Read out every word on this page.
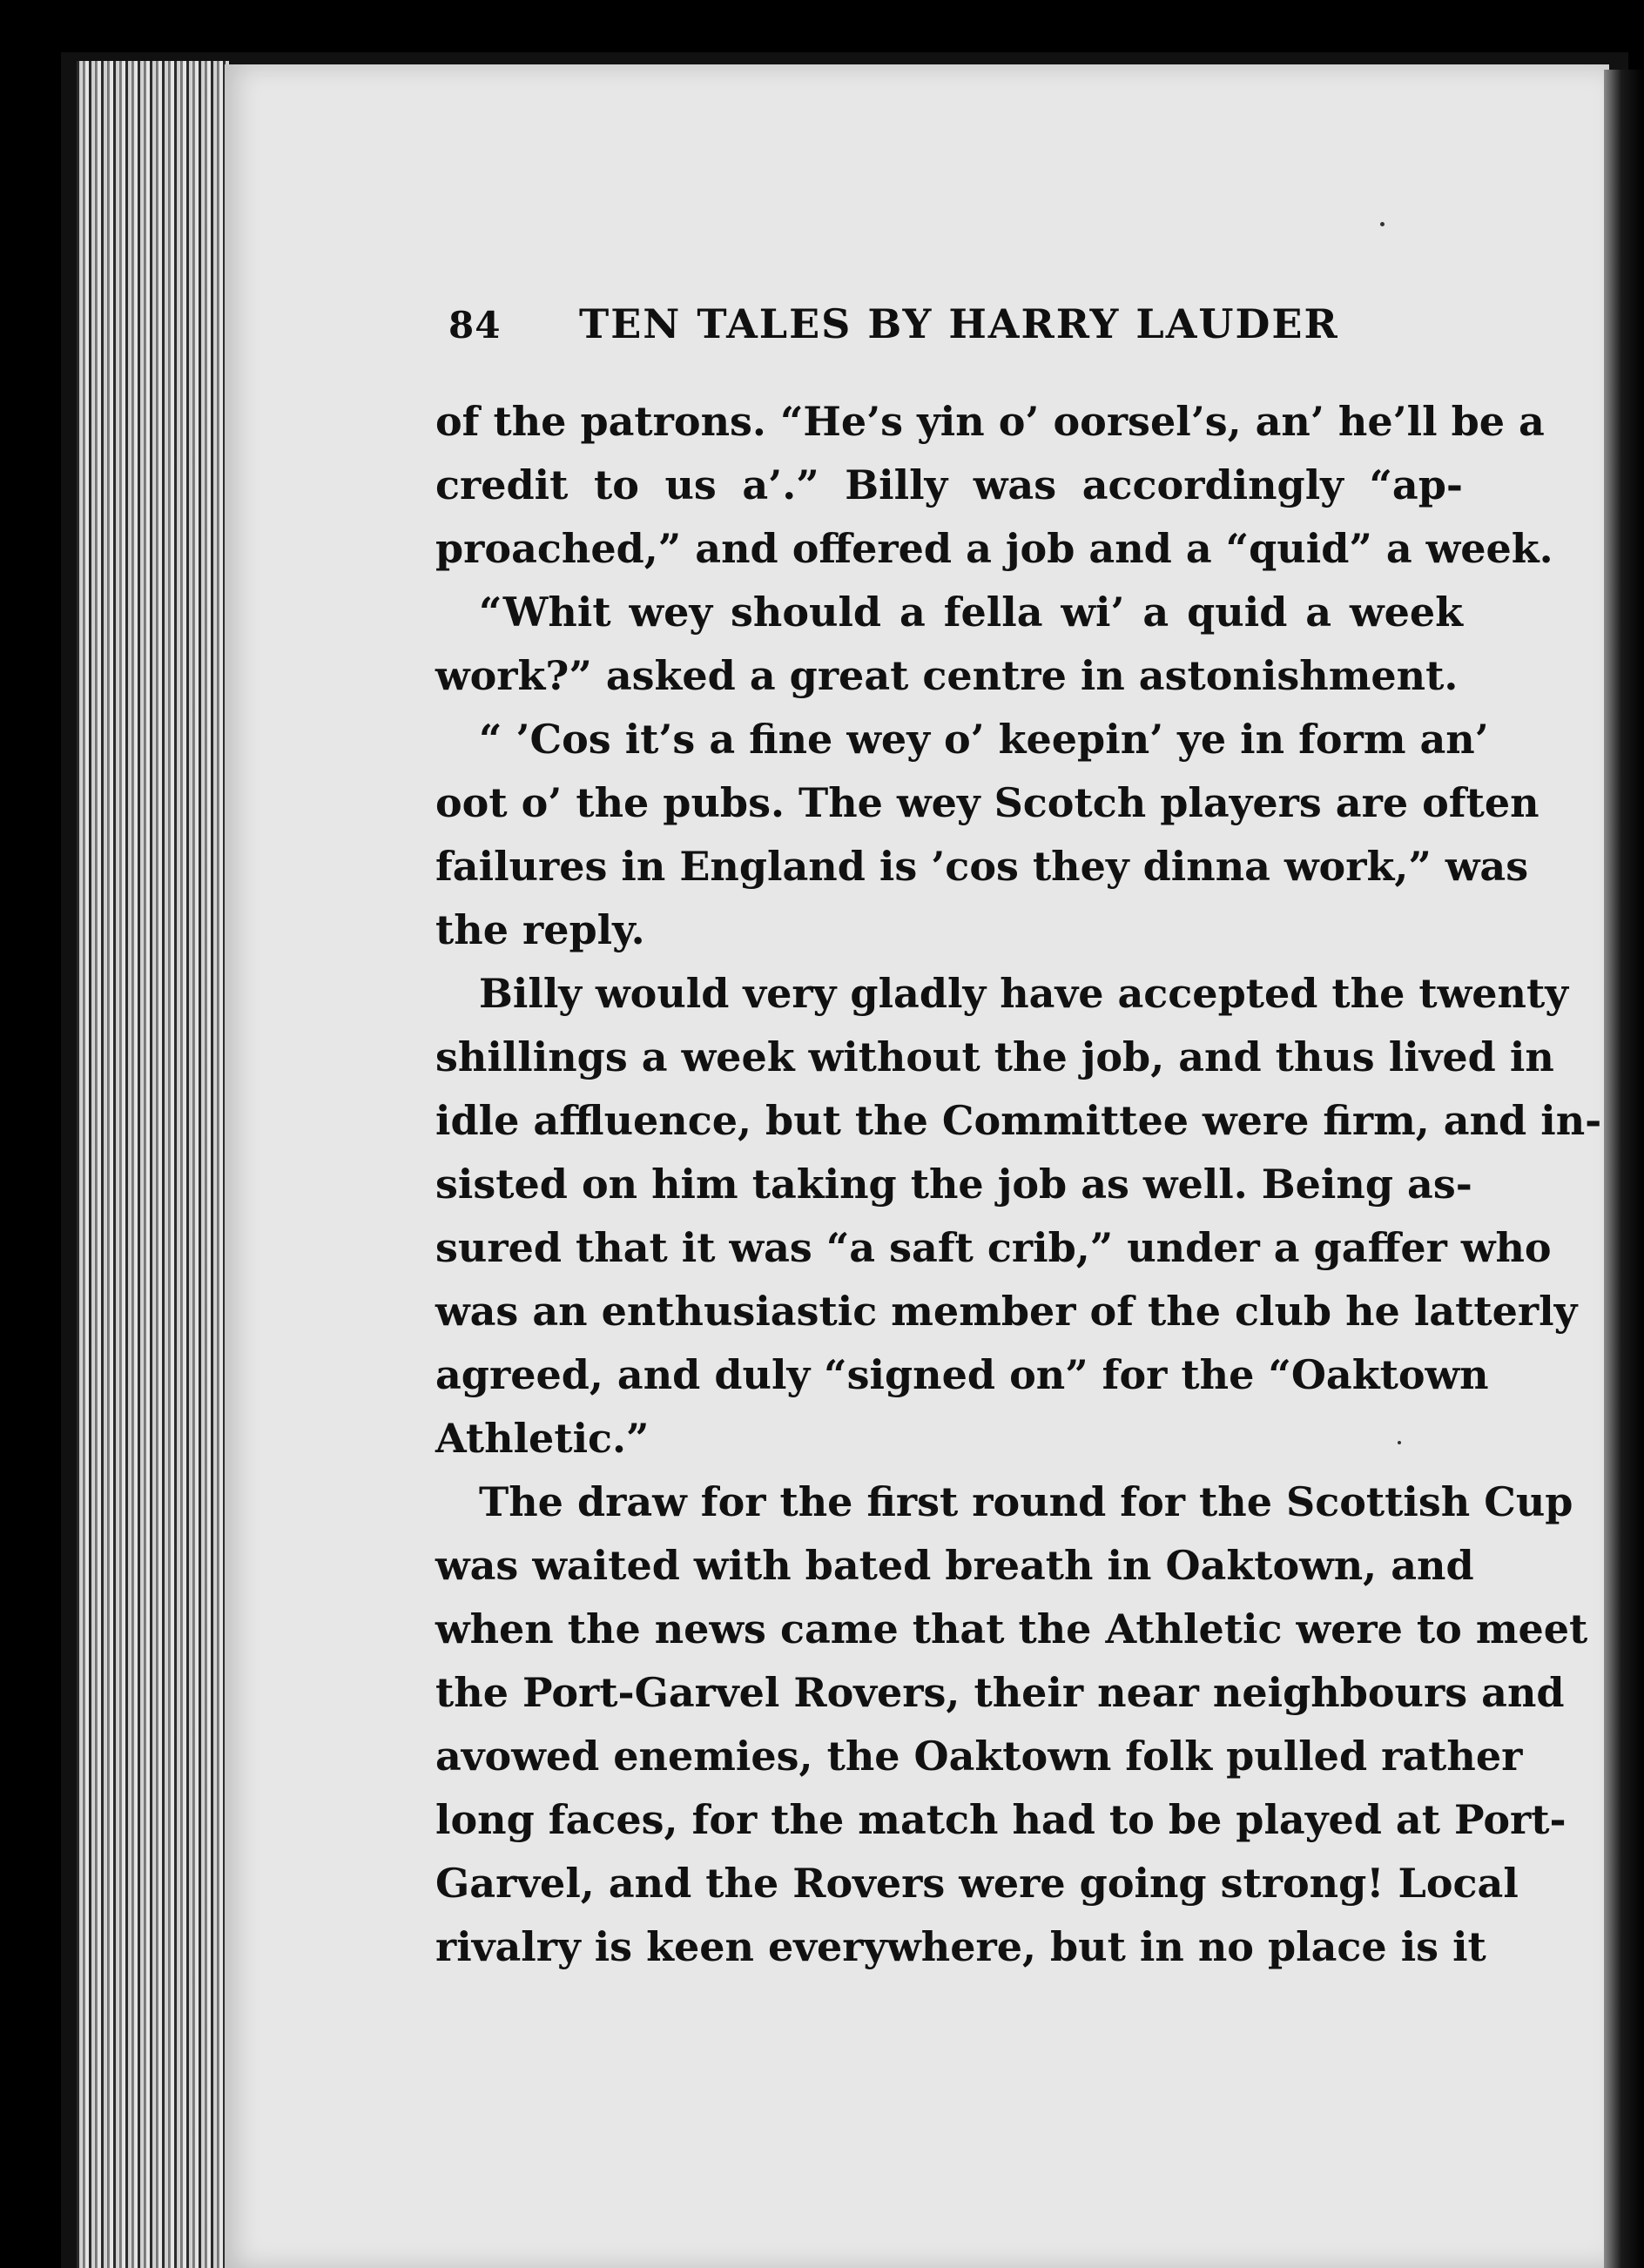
84 TEN TALES BY HARRY LAUDER
of the patrons. “He’s yin o’ oorsel’s, an’ he’ll be a
credit to us a’.” Billy was accordingly “ap-
proached,” and offered a job and a “quid” a week.
“Whit wey should a fella wi’ a quid a week
work?” asked a great centre in astonishment.
“ ’Cos it’s a fine wey o’ keepin’ ye in form an’
oot o’ the pubs. The wey Scotch players are often
failures in England is ’cos they dinna work,” was
the reply.
Billy would very gladly have accepted the twenty
shillings a week without the job, and thus lived in
idle affluence, but the Committee were firm, and in-
sisted on him taking the job as well. Being as-
sured that it was “a saft crib,” under a gaffer who
was an enthusiastic member of the club he latterly
agreed, and duly “signed on” for the “Oaktown
Athletic.”
The draw for the first round for the Scottish Cup
was waited with bated breath in Oaktown, and
when the news came that the Athletic were to meet
the Port-Garvel Rovers, their near neighbours and
avowed enemies, the Oaktown folk pulled rather
long faces, for the match had to be played at Port-
Garvel, and the Rovers were going strong! Local
rivalry is keen everywhere, but in no place is it
